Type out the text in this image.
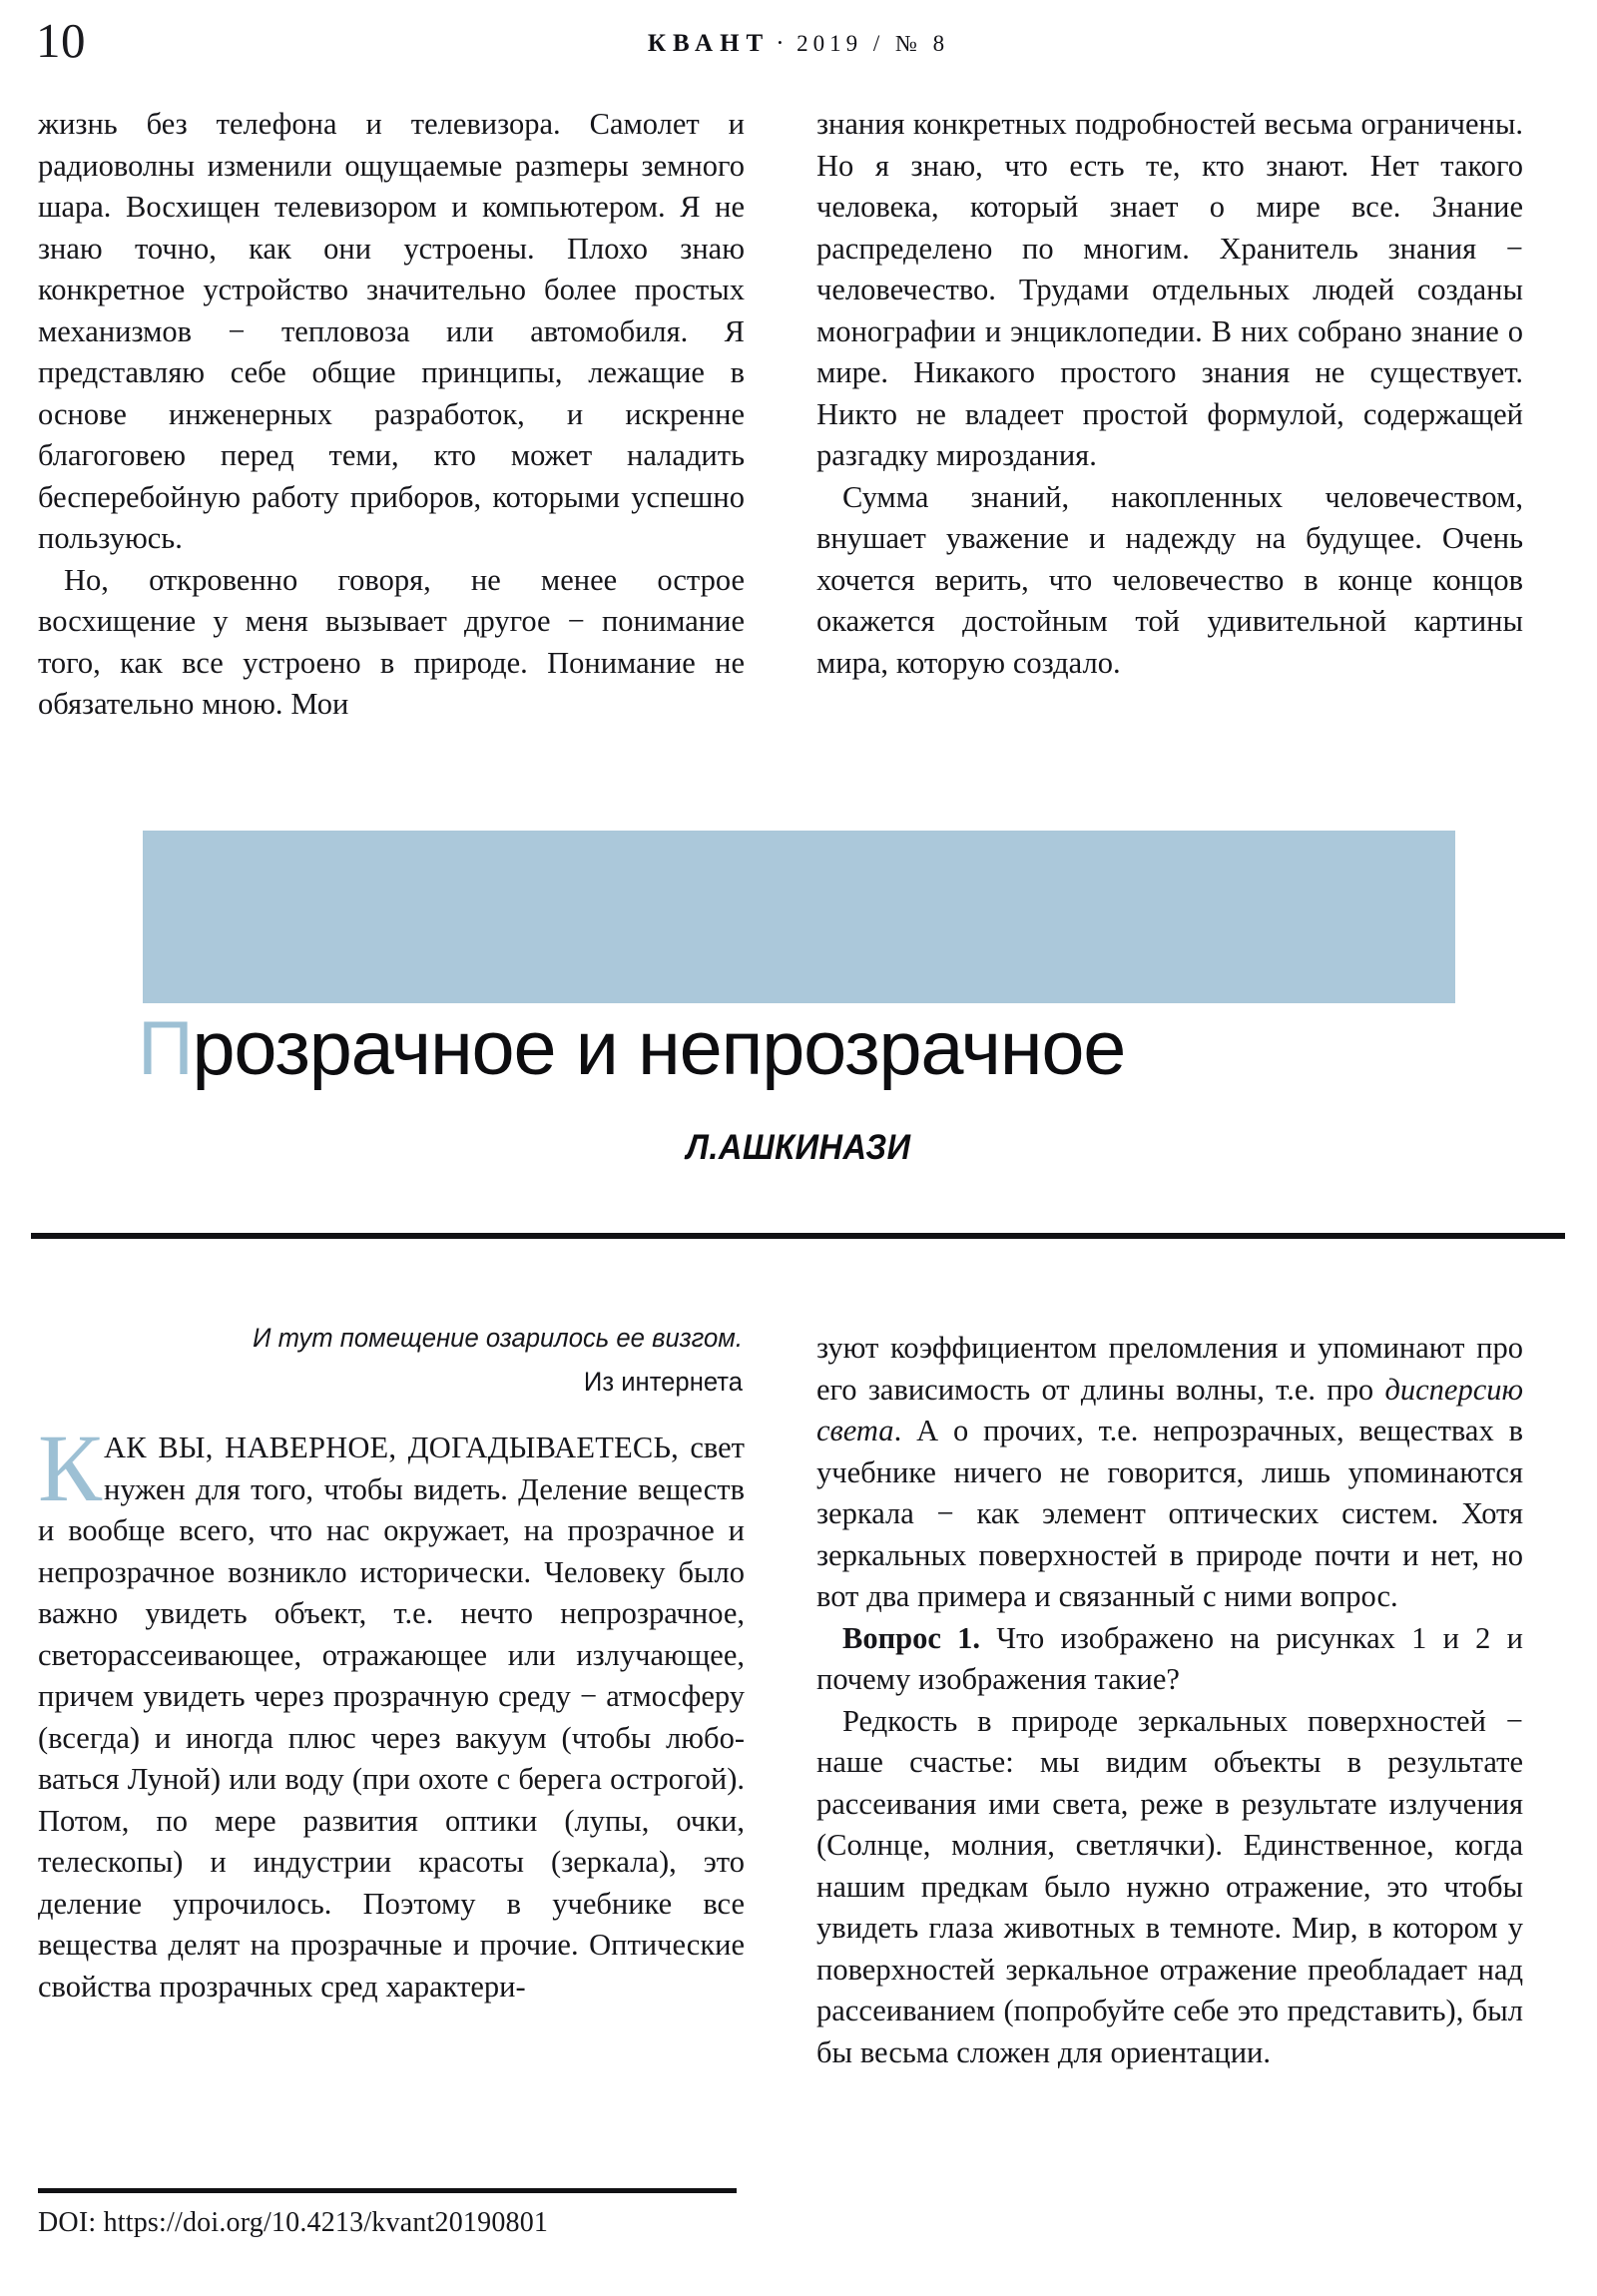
10	КВАНТ · 2019 / № 8

жизнь без телефона и телевизора. Самолет и радиоволны изменили ощущаемые разmеры земного шара. Восхищен телевизором и компьютером. Я не знаю точно, как они устроены. Плохо знаю конкретное устройство значительно более простых механизмов − тепловоза или автомобиля. Я представляю себе общие принципы, лежащие в основе инженерных разработок, и искренне благоговею перед теми, кто может наладить бесперебойную работу приборов, которыми успешно пользуюсь.

Но, откровенно говоря, не менее острое восхищение у меня вызывает другое − понимание того, как все устроено в природе. Понимание не обязательно мною. Мои

знания конкретных подробностей весьма ограничены. Но я знаю, что есть те, кто знают. Нет такого человека, который знает о мире все. Знание распределено по многим. Хранитель знания − человечество. Трудами отдельных людей созданы монографии и энциклопедии. В них собрано знание о мире. Никакого простого знания не существует. Никто не владеет простой формулой, содержащей разгадку мироздания.

Сумма знаний, накопленных человечеством, внушает уважение и надежду на будущее. Очень хочется верить, что человечество в конце концов окажется достойным той удивительной картины мира, которую создало.

Прозрачное и непрозрачное
Л.АШКИНАЗИ
И тут помещение озарилось ее визгом.
Из интернета

КАК ВЫ, НАВЕРНОЕ, ДОГАДЫВАЕТЕСЬ, свет нужен для того, чтобы видеть. Деление веществ и вообще всего, что нас окружает, на прозрачное и непрозрачное возникло исторически. Человеку было важно увидеть объект, т.е. нечто непрозрачное, светорассеивающее, отражающее или излучающее, причем увидеть через прозрачную среду − атмосферу (всегда) и иногда плюс через вакуум (чтобы любоваться Луной) или воду (при охоте с берега острогой). Потом, по мере развития оптики (лупы, очки, телескопы) и индустрии красоты (зеркала), это деление упрочилось. Поэтому в учебнике все вещества делят на прозрачные и прочие. Оптические свойства прозрачных сред характери-

зуют коэффициентом преломления и упоминают про его зависимость от длины волны, т.е. про дисперсию света. А о прочих, т.е. непрозрачных, веществах в учебнике ничего не говорится, лишь упоминаются зеркала − как элемент оптических систем. Хотя зеркальных поверхностей в природе почти и нет, но вот два примера и связанный с ними вопрос.

Вопрос 1. Что изображено на рисунках 1 и 2 и почему изображения такие?

Редкость в природе зеркальных поверхностей − наше счастье: мы видим объекты в результате рассеивания ими света, реже в результате излучения (Солнце, молния, светлячки). Единственное, когда нашим предкам было нужно отражение, это чтобы увидеть глаза животных в темноте. Мир, в котором у поверхностей зеркальное отражение преобладает над рассеиванием (попробуйте себе это представить), был бы весьма сложен для ориентации.

DOI: https://doi.org/10.4213/kvant20190801
